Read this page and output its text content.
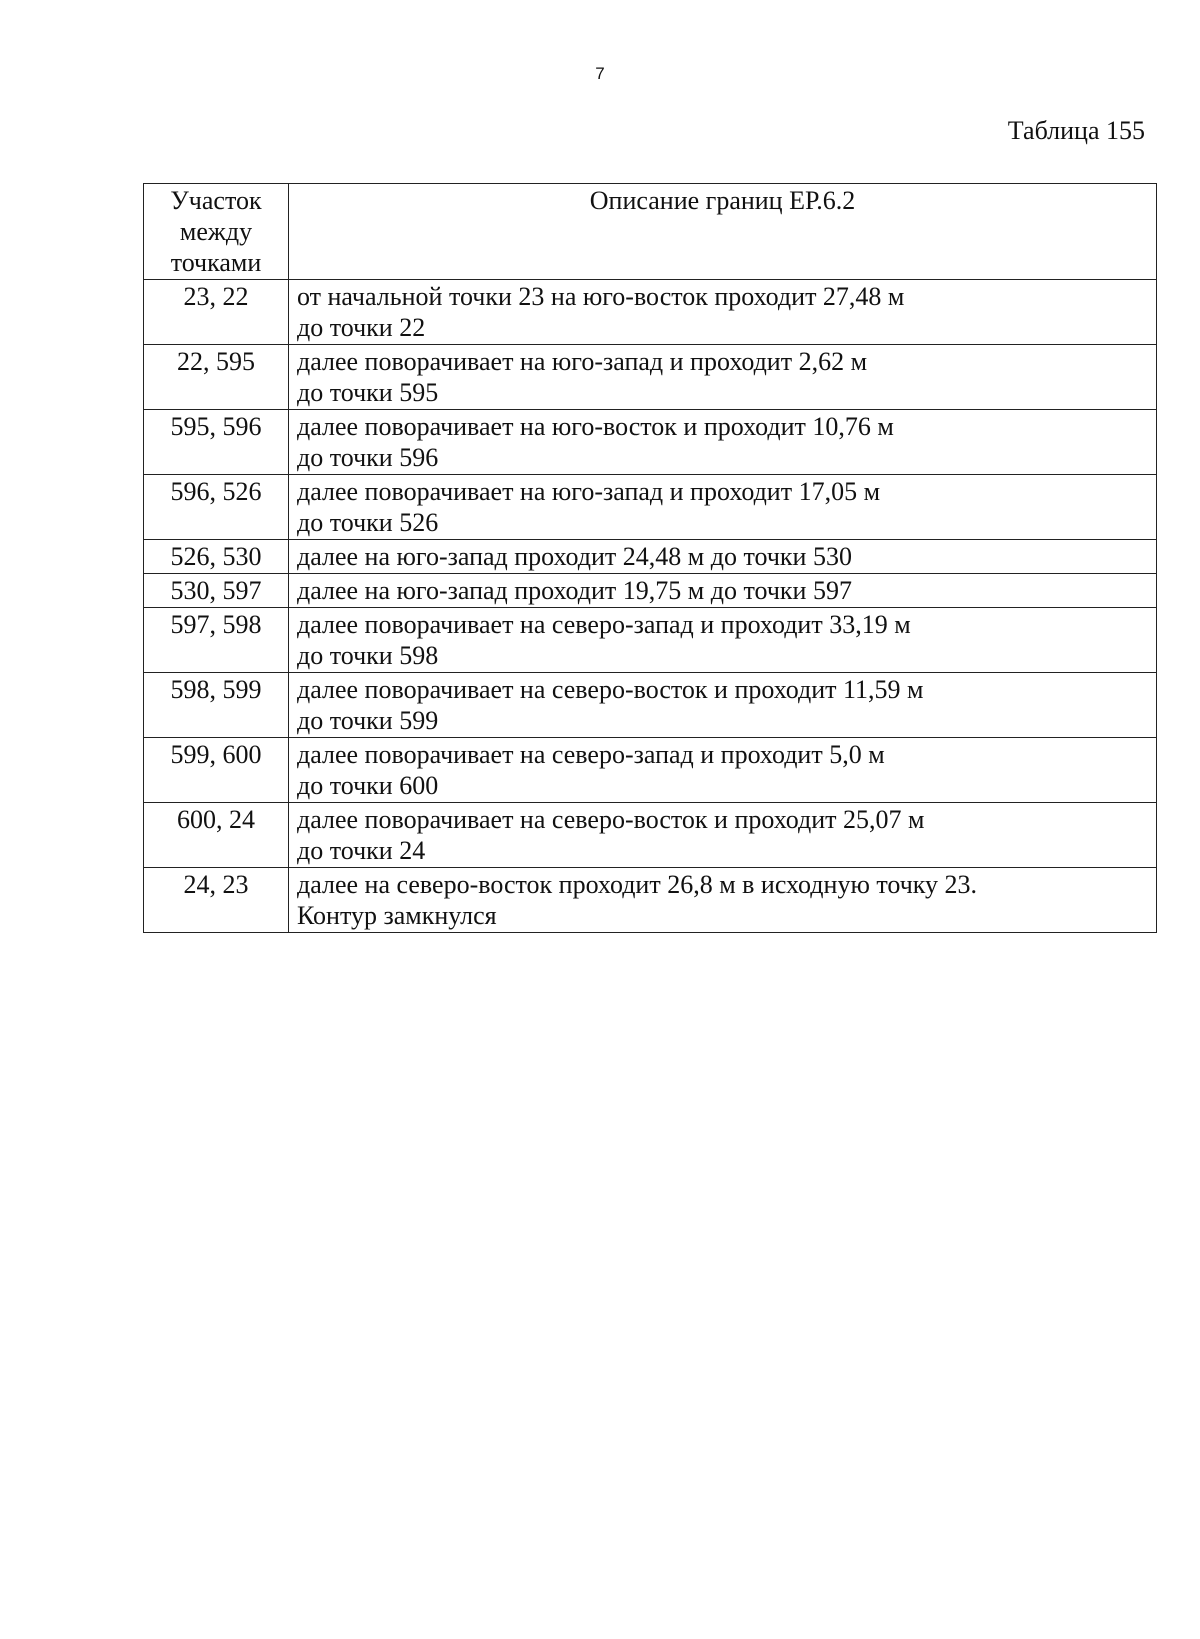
7
Таблица 155
Участок
между
точками	Описание границ ЕР.6.2
23, 22	от начальной точки 23 на юго-восток проходит 27,48 м
до точки 22

22, 595	далее поворачивает на юго-запад и проходит 2,62 м
до точки 595

595, 596	далее поворачивает на юго-восток и проходит 10,76 м
до точки 596

596, 526	далее поворачивает на юго-запад и проходит 17,05 м
до точки 526

526, 530	далее на юго-запад проходит 24,48 м до точки 530

530, 597	далее на юго-запад проходит 19,75 м до точки 597

597, 598	далее поворачивает на северо-запад и проходит 33,19 м
до точки 598

598, 599	далее поворачивает на северо-восток и проходит 11,59 м
до точки 599

599, 600	далее поворачивает на северо-запад и проходит 5,0 м
до точки 600

600, 24	далее поворачивает на северо-восток и проходит 25,07 м
до точки 24

24, 23	далее на северо-восток проходит 26,8 м в исходную точку 23.
Контур замкнулся
